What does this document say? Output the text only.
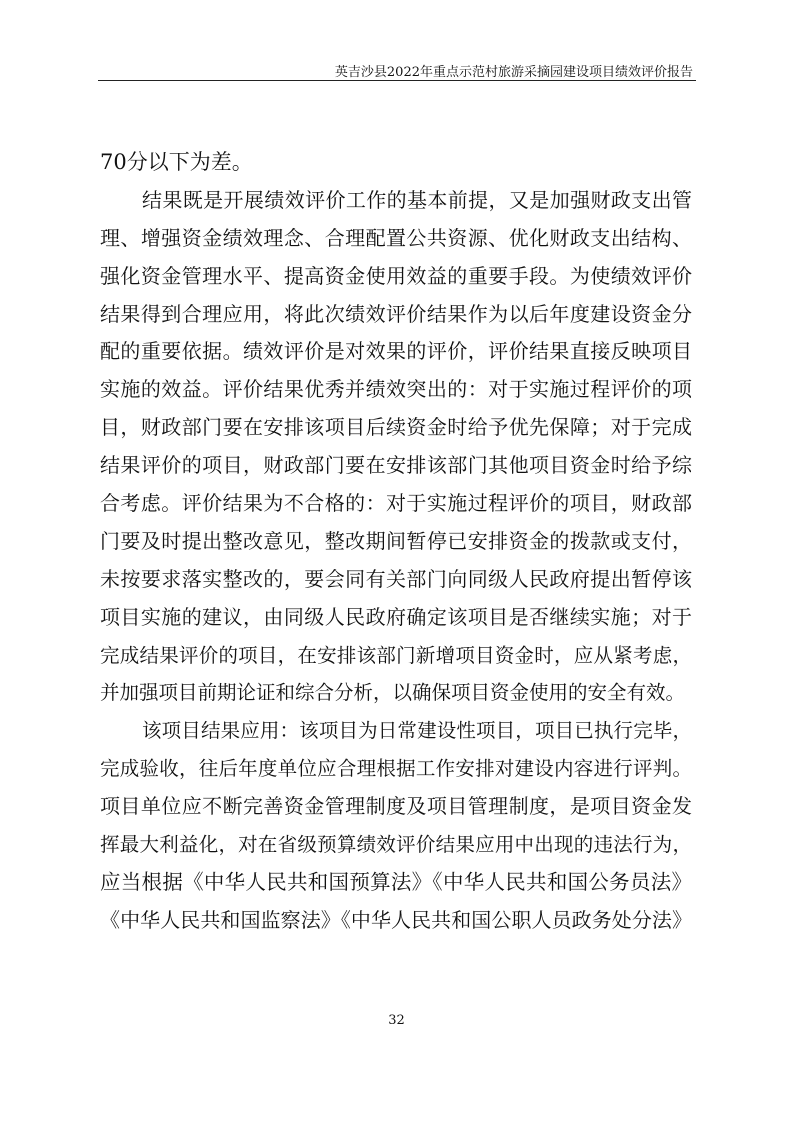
英吉沙县2022年重点示范村旅游采摘园建设项目绩效评价报告
70分以下为差。
结果既是开展绩效评价工作的基本前提，又是加强财政支出管
理、增强资金绩效理念、合理配置公共资源、优化财政支出结构、
强化资金管理水平、提高资金使用效益的重要手段。为使绩效评价
结果得到合理应用，将此次绩效评价结果作为以后年度建设资金分
配的重要依据。绩效评价是对效果的评价，评价结果直接反映项目
实施的效益。评价结果优秀并绩效突出的：对于实施过程评价的项
目，财政部门要在安排该项目后续资金时给予优先保障；对于完成
结果评价的项目，财政部门要在安排该部门其他项目资金时给予综
合考虑。评价结果为不合格的：对于实施过程评价的项目，财政部
门要及时提出整改意见，整改期间暂停已安排资金的拨款或支付，
未按要求落实整改的，要会同有关部门向同级人民政府提出暂停该
项目实施的建议，由同级人民政府确定该项目是否继续实施；对于
完成结果评价的项目，在安排该部门新增项目资金时，应从紧考虑，
并加强项目前期论证和综合分析，以确保项目资金使用的安全有效。
该项目结果应用：该项目为日常建设性项目，项目已执行完毕，
完成验收，往后年度单位应合理根据工作安排对建设内容进行评判。
项目单位应不断完善资金管理制度及项目管理制度，是项目资金发
挥最大利益化，对在省级预算绩效评价结果应用中出现的违法行为，
应当根据《中华人民共和国预算法》《中华人民共和国公务员法》
《中华人民共和国监察法》《中华人民共和国公职人员政务处分法》
32
